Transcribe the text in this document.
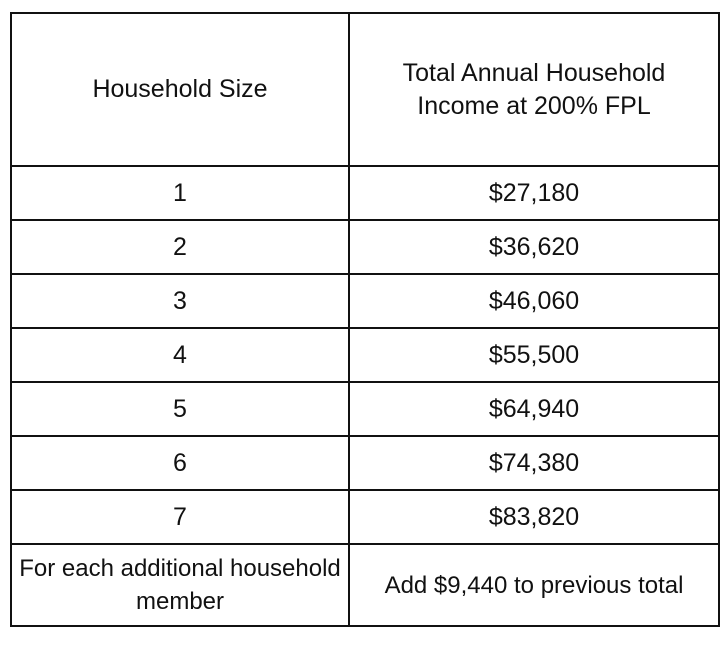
Household Size	Total Annual Household Income at 200% FPL
1	$27,180
2	$36,620
3	$46,060
4	$55,500
5	$64,940
6	$74,380
7	$83,820
For each additional household member	Add $9,440 to previous total
